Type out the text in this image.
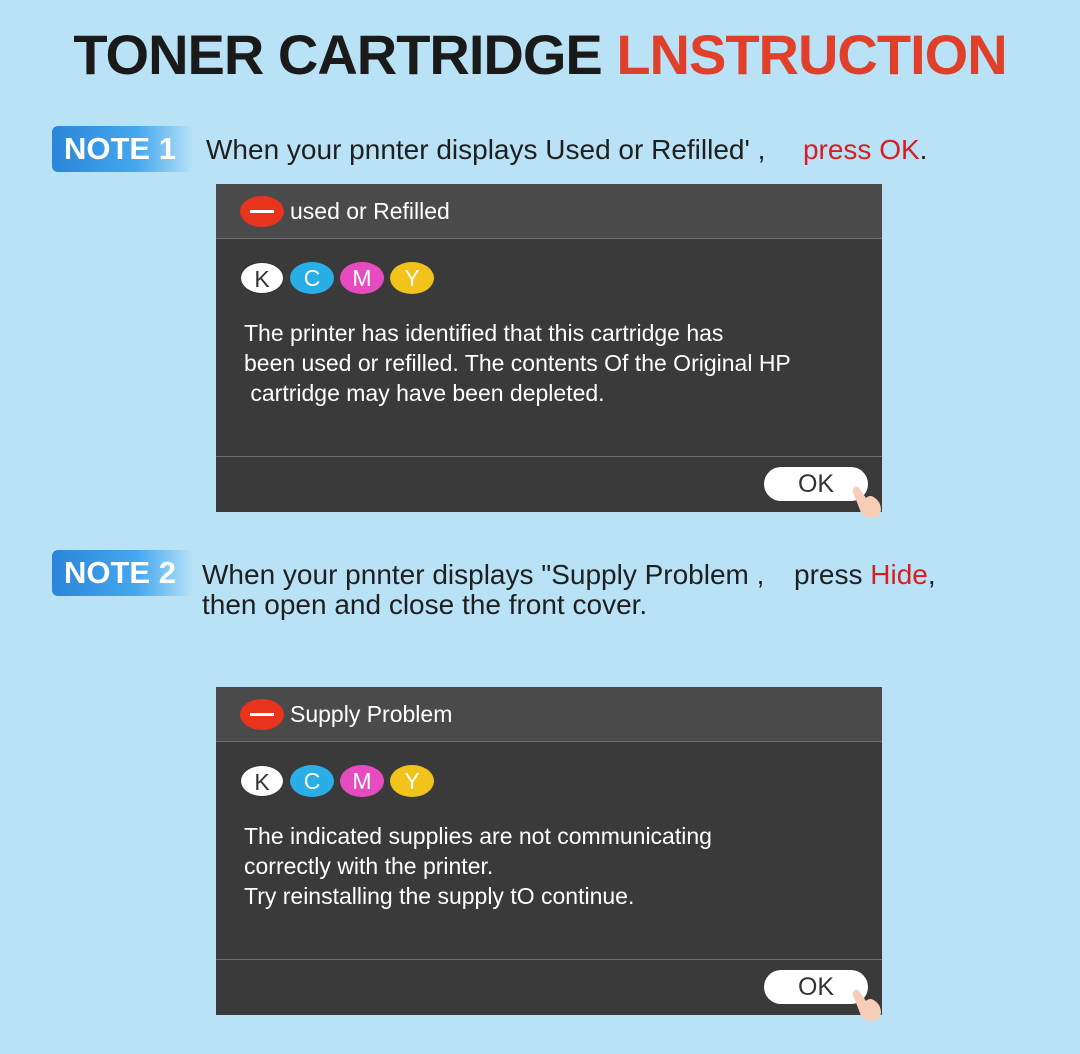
TONER CARTRIDGE LNSTRUCTION
NOTE 1	When your pnnter displays Used or Refilled' , press OK.
used or Refilled
K	C	M	Y
The printer has identified that this cartridge has
been used or refilled. The contents Of the Original HP
cartridge may have been depleted.
OK
NOTE 2 When your pnnter displays "Supply Problem , press Hide,
then open and close the front cover.
Supply Problem
K	C	M	Y
The indicated supplies are not communicating
correctly with the printer.
Try reinstalling the supply tO continue.
OK
